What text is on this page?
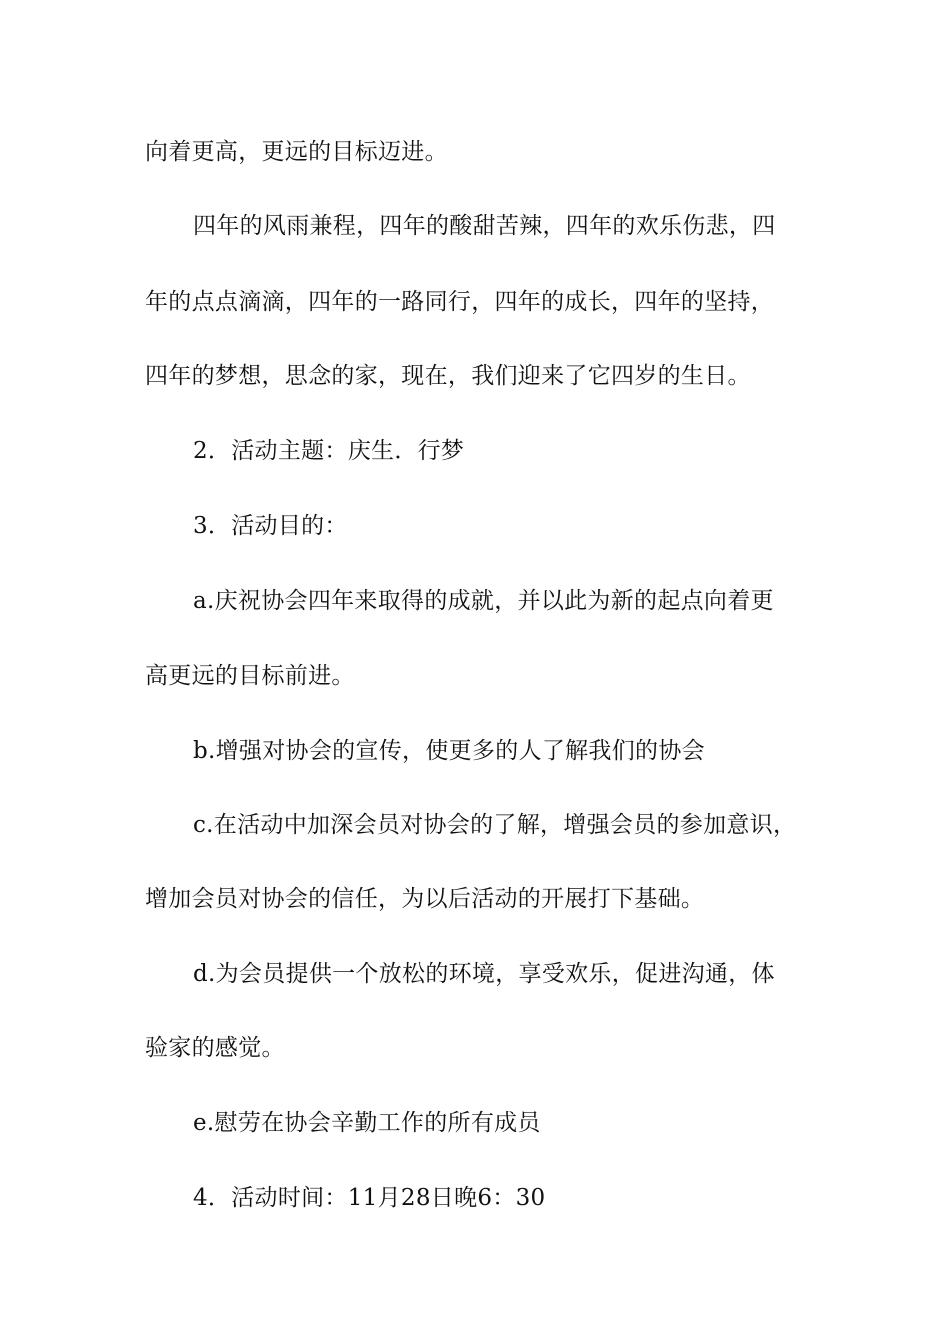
向着更高，更远的目标迈进。

四年的风雨兼程，四年的酸甜苦辣，四年的欢乐伤悲，四

年的点点滴滴，四年的一路同行，四年的成长，四年的坚持，

四年的梦想，思念的家，现在，我们迎来了它四岁的生日。

2．活动主题：庆生．行梦

3．活动目的：

a.庆祝协会四年来取得的成就，并以此为新的起点向着更

高更远的目标前进。

b.增强对协会的宣传，使更多的人了解我们的协会

c.在活动中加深会员对协会的了解，增强会员的参加意识，

增加会员对协会的信任，为以后活动的开展打下基础。

d.为会员提供一个放松的环境，享受欢乐，促进沟通，体

验家的感觉。

e.慰劳在协会辛勤工作的所有成员

4．活动时间：11月28日晚6：30
